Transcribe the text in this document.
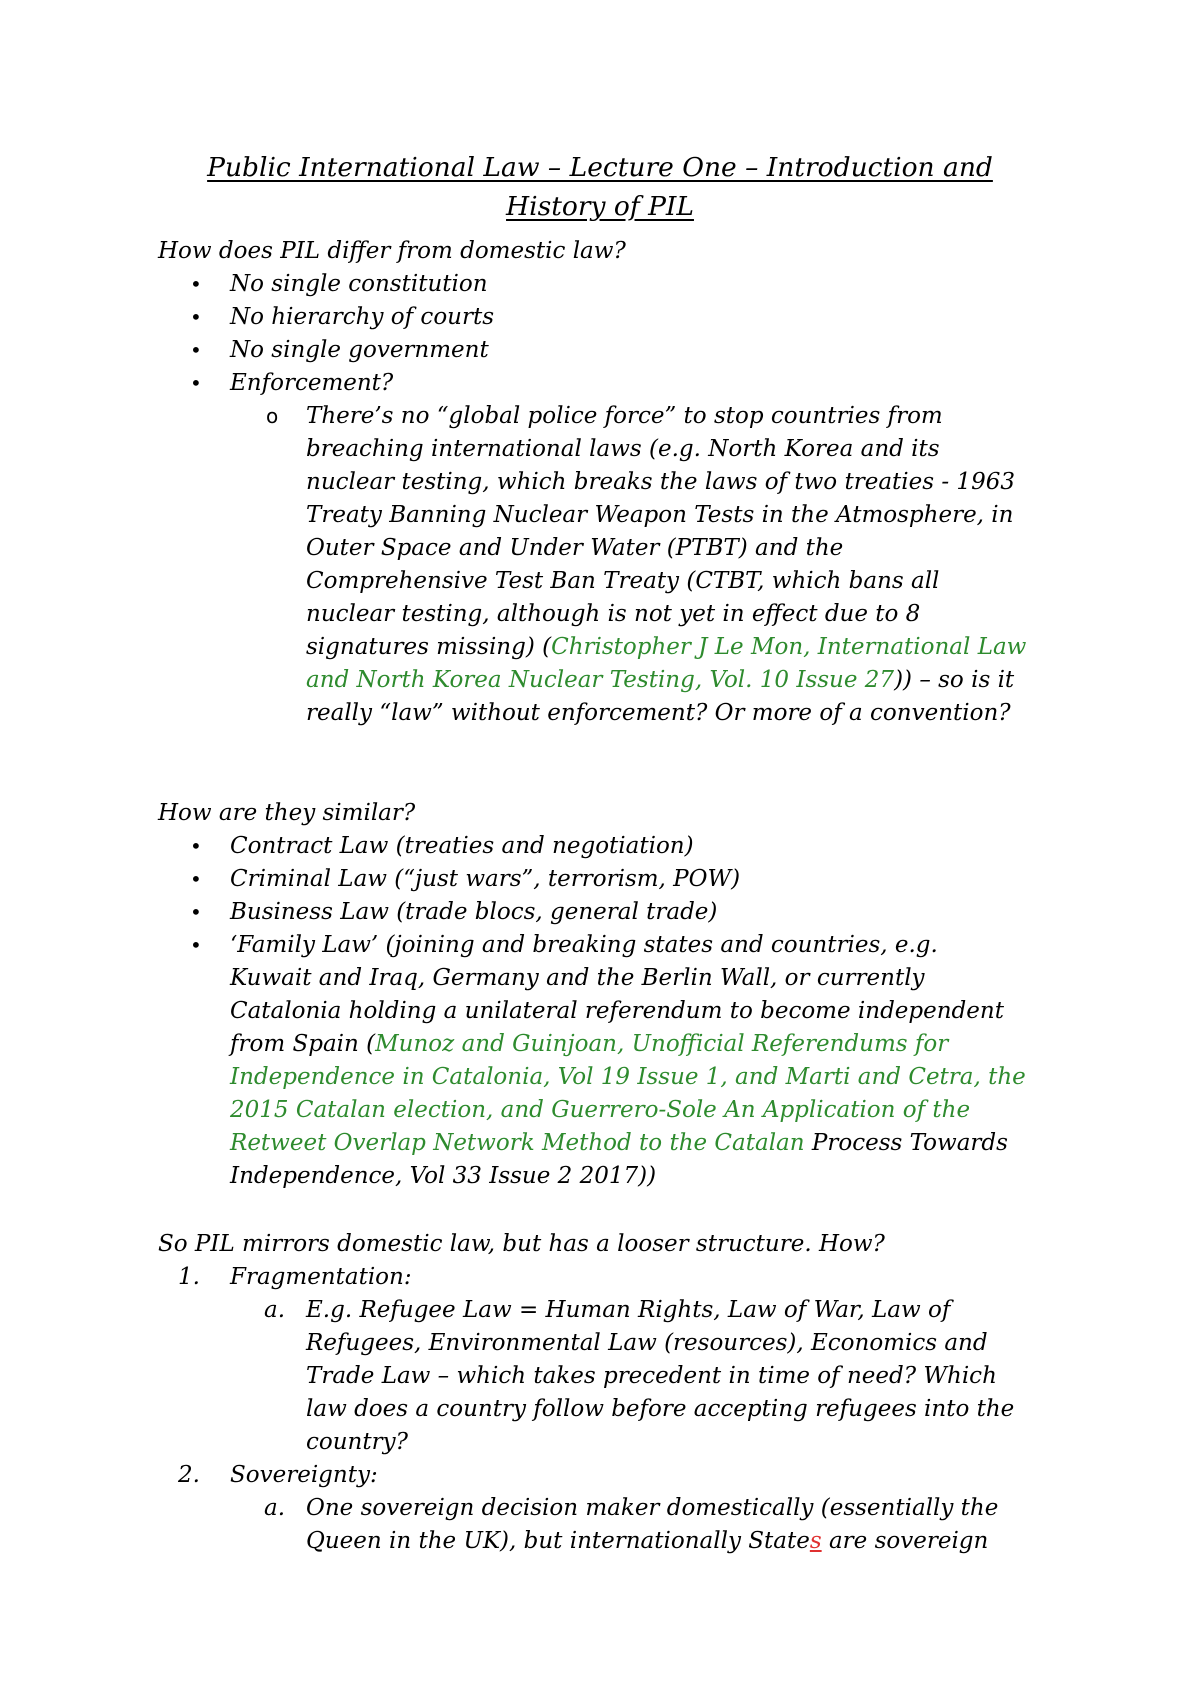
Public International Law – Lecture One – Introduction and
History of PIL
How does PIL differ from domestic law?
• No single constitution
• No hierarchy of courts
• No single government
• Enforcement?
o There’s no “global police force” to stop countries from
breaching international laws (e.g. North Korea and its
nuclear testing, which breaks the laws of two treaties - 1963
Treaty Banning Nuclear Weapon Tests in the Atmosphere, in
Outer Space and Under Water (PTBT) and the
Comprehensive Test Ban Treaty (CTBT, which bans all
nuclear testing, although is not yet in effect due to 8
signatures missing) (Christopher J Le Mon, International Law
and North Korea Nuclear Testing, Vol. 10 Issue 27)) – so is it
really “law” without enforcement? Or more of a convention?
How are they similar?
• Contract Law (treaties and negotiation)
• Criminal Law (“just wars”, terrorism, POW)
• Business Law (trade blocs, general trade)
• ‘Family Law’ (joining and breaking states and countries, e.g.
Kuwait and Iraq, Germany and the Berlin Wall, or currently
Catalonia holding a unilateral referendum to become independent
from Spain (Munoz and Guinjoan, Unofficial Referendums for
Independence in Catalonia, Vol 19 Issue 1, and Marti and Cetra, the
2015 Catalan election, and Guerrero-Sole An Application of the
Retweet Overlap Network Method to the Catalan Process Towards
Independence, Vol 33 Issue 2 2017))
So PIL mirrors domestic law, but has a looser structure. How?
1. Fragmentation:
a. E.g. Refugee Law = Human Rights, Law of War, Law of
Refugees, Environmental Law (resources), Economics and
Trade Law – which takes precedent in time of need? Which
law does a country follow before accepting refugees into the
country?
2. Sovereignty:
a. One sovereign decision maker domestically (essentially the
Queen in the UK), but internationally States are sovereign
